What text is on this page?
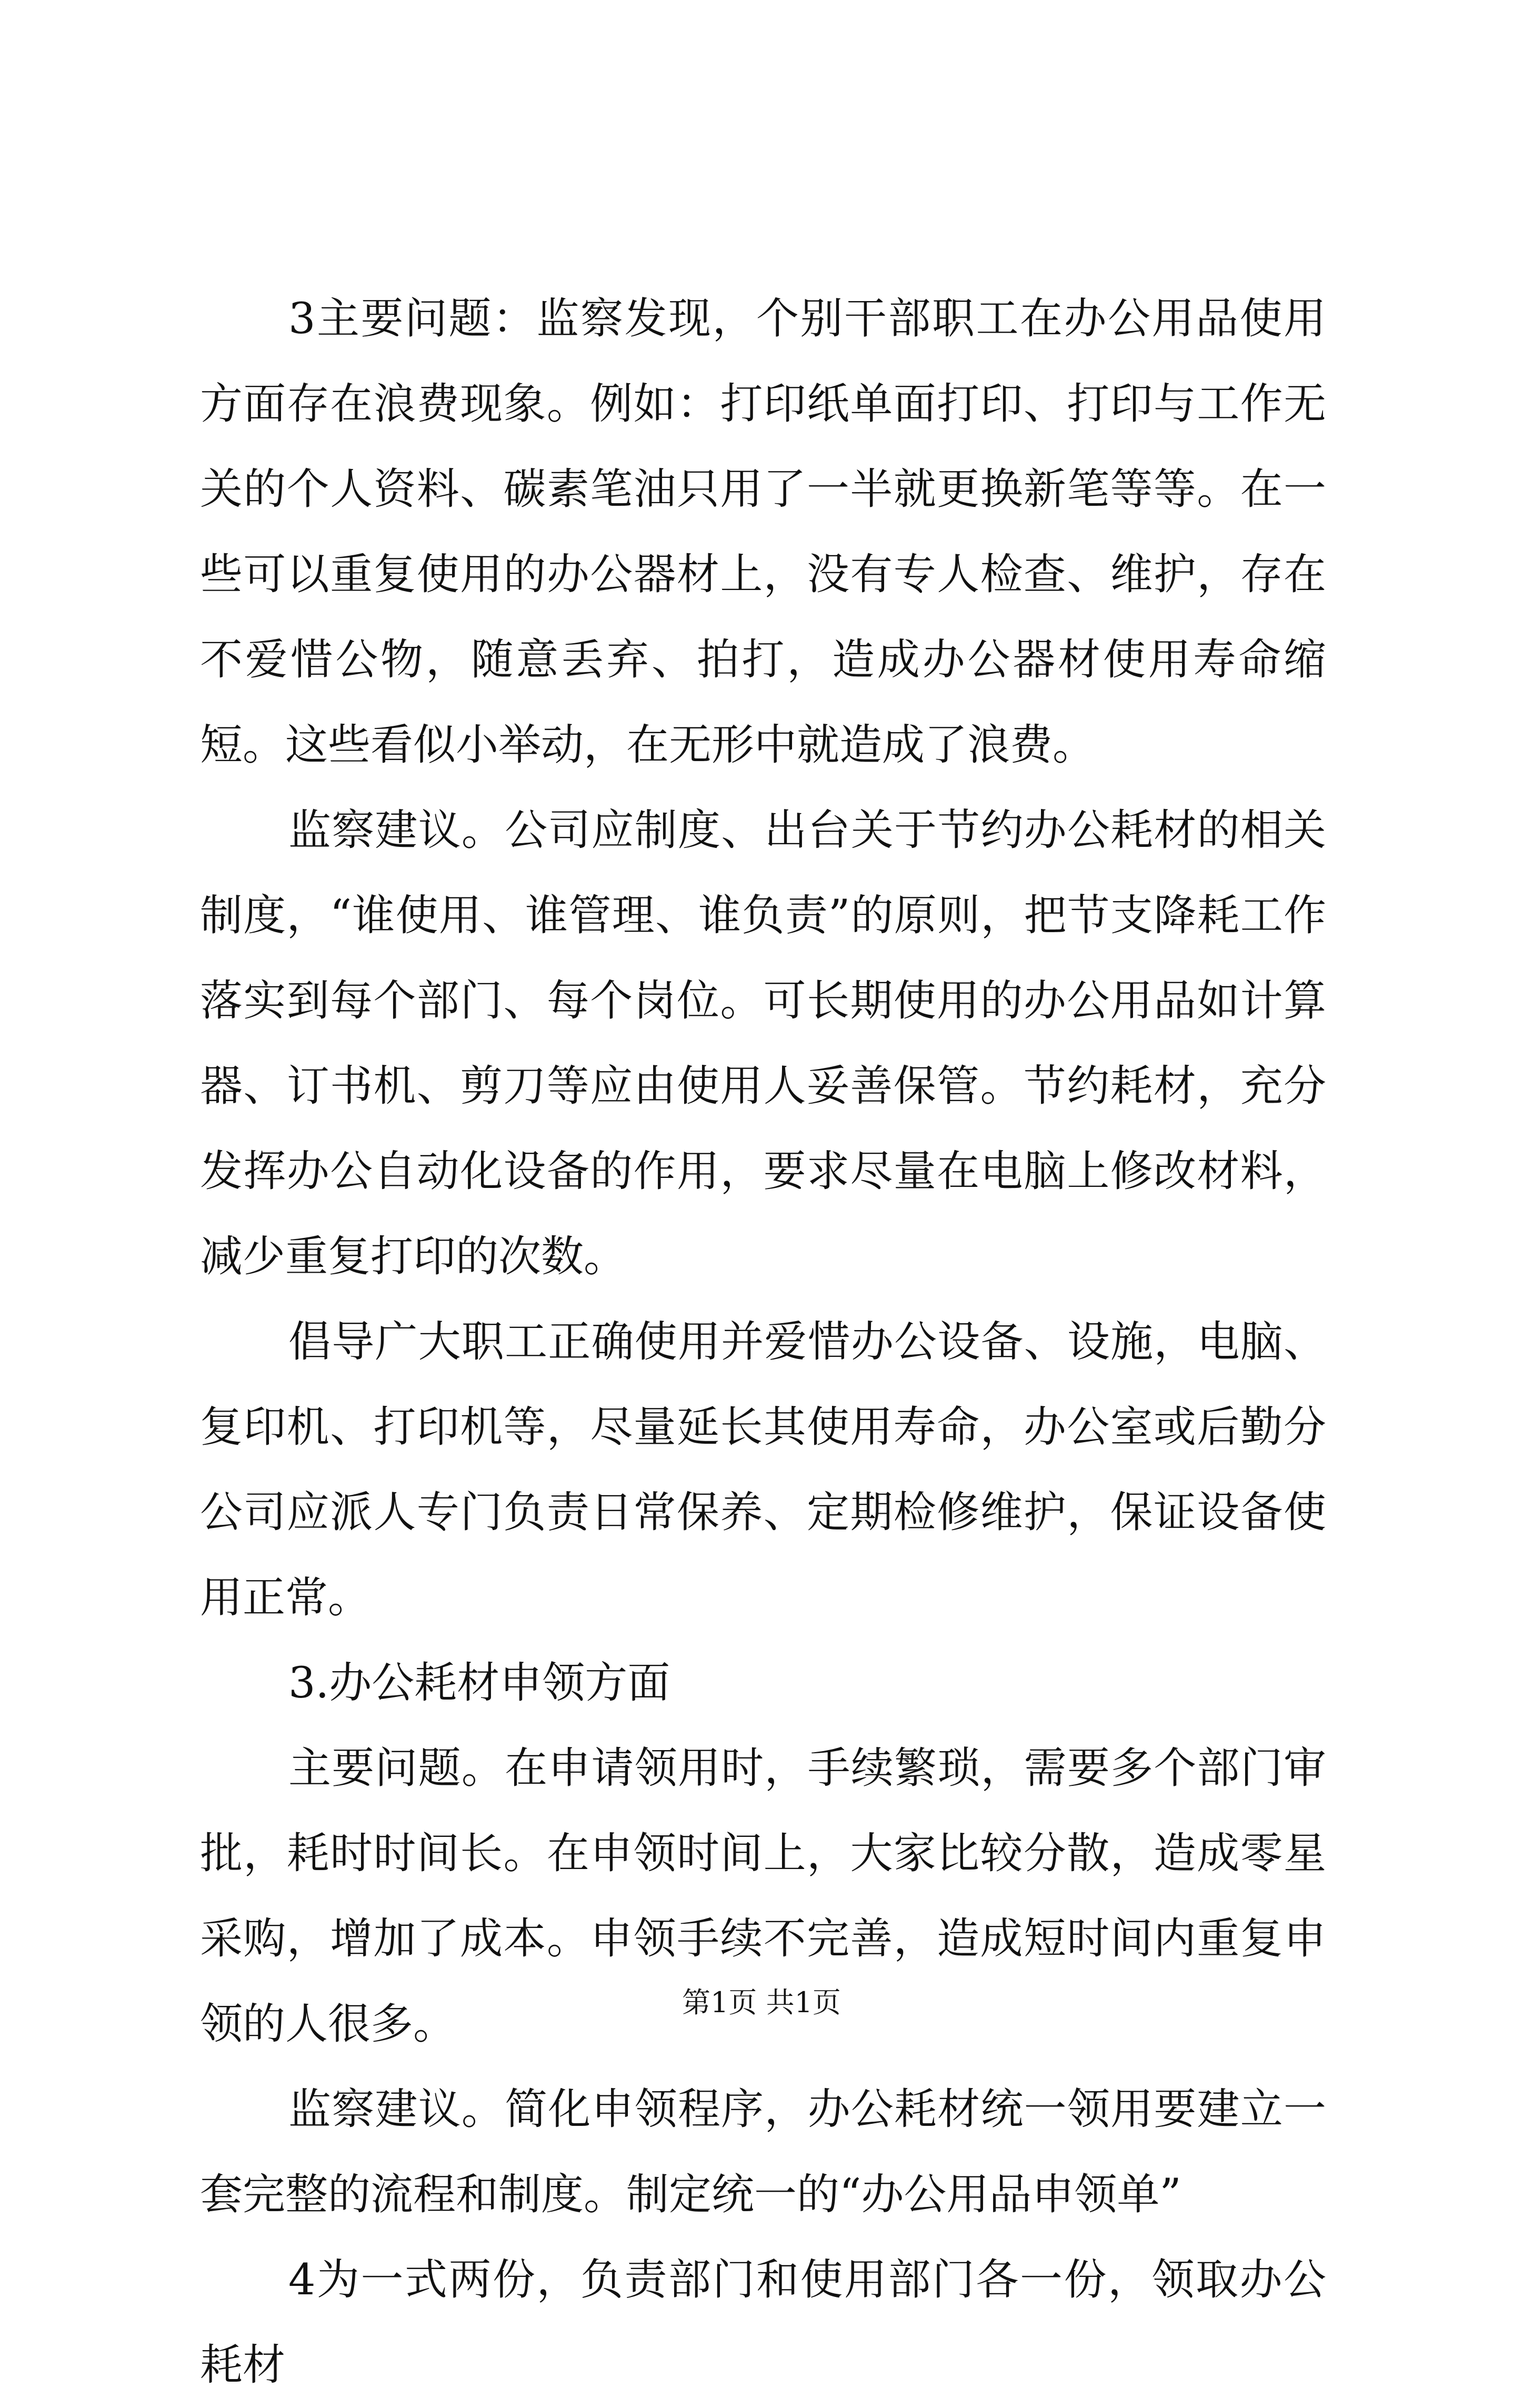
3主要问题：监察发现，个别干部职工在办公用品使用方面存在浪费现象。例如：打印纸单面打印、打印与工作无关的个人资料、碳素笔油只用了一半就更换新笔等等。在一些可以重复使用的办公器材上，没有专人检查、维护，存在不爱惜公物，随意丢弃、拍打，造成办公器材使用寿命缩短。这些看似小举动，在无形中就造成了浪费。

监察建议。公司应制度、出台关于节约办公耗材的相关制度，“谁使用、谁管理、谁负责”的原则，把节支降耗工作落实到每个部门、每个岗位。可长期使用的办公用品如计算器、订书机、剪刀等应由使用人妥善保管。节约耗材，充分发挥办公自动化设备的作用，要求尽量在电脑上修改材料，减少重复打印的次数。

倡导广大职工正确使用并爱惜办公设备、设施，电脑、复印机、打印机等，尽量延长其使用寿命，办公室或后勤分公司应派人专门负责日常保养、定期检修维护，保证设备使用正常。

3.办公耗材申领方面

主要问题。在申请领用时，手续繁琐，需要多个部门审批，耗时时间长。在申领时间上，大家比较分散，造成零星采购，增加了成本。申领手续不完善，造成短时间内重复申领的人很多。

监察建议。简化申领程序，办公耗材统一领用要建立一套完整的流程和制度。制定统一的“办公用品申领单”

4为一式两份，负责部门和使用部门各一份，领取办公耗材

第1页 共1页
